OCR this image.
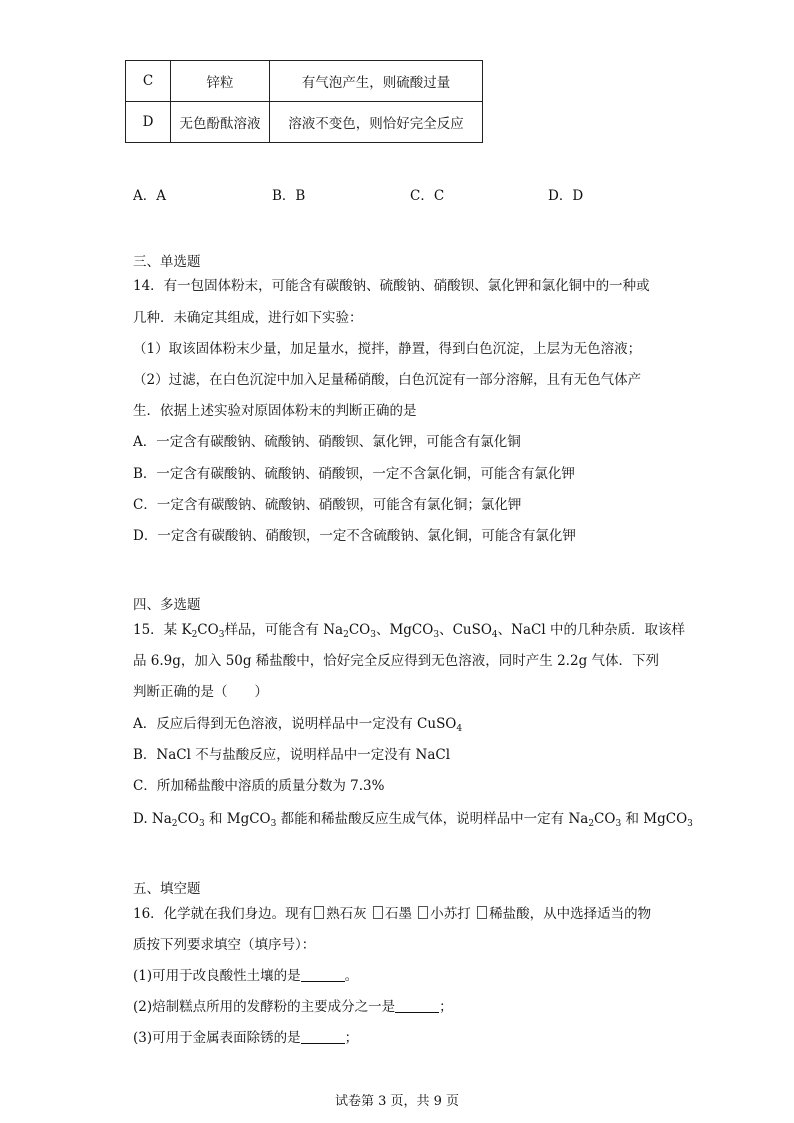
C	锌粒	有气泡产生，则硫酸过量
D	无色酚酞溶液	溶液不变色，则恰好完全反应
A．A	B．B	C．C	D．D
三、单选题
14．有一包固体粉末，可能含有碳酸钠、硫酸钠、硝酸钡、氯化钾和氯化铜中的一种或
几种．未确定其组成，进行如下实验：
（1）取该固体粉末少量，加足量水，搅拌，静置，得到白色沉淀，上层为无色溶液；
（2）过滤，在白色沉淀中加入足量稀硝酸，白色沉淀有一部分溶解，且有无色气体产
生．依据上述实验对原固体粉末的判断正确的是
A．一定含有碳酸钠、硫酸钠、硝酸钡、氯化钾，可能含有氯化铜
B．一定含有碳酸钠、硫酸钠、硝酸钡，一定不含氯化铜，可能含有氯化钾
C．一定含有碳酸钠、硫酸钠、硝酸钡，可能含有氯化铜；氯化钾
D．一定含有碳酸钠、硝酸钡，一定不含硫酸钠、氯化铜，可能含有氯化钾
四、多选题
15．某 $K_2CO_3$样品，可能含有 $Na_2CO_3$、MgCO$_3$、CuSO$_4$、NaCl 中的几种杂质．取该样
品 6.9g，加入 50g 稀盐酸中，恰好完全反应得到无色溶液，同时产生 2.2g 气体．下列
判断正确的是（　　）
A．反应后得到无色溶液，说明样品中一定没有 CuSO$_4$
B．NaCl 不与盐酸反应，说明样品中一定没有 NaCl
C．所加稀盐酸中溶质的质量分数为 7.3%
D. $Na_2CO_3$ 和 MgCO$_3$ 都能和稀盐酸反应生成气体，说明样品中一定有 $Na_2CO_3$ 和 MgCO$_3$
五、填空题
16．化学就在我们身边。现有 熟石灰 石墨 小苏打 稀盐酸，从中选择适当的物
质按下列要求填空（填序号）：
(1)可用于改良酸性土壤的是	。
(2)焙制糕点所用的发酵粉的主要成分之一是	；
(3)可用于金属表面除锈的是	；
试卷第 3 页，共 9 页
